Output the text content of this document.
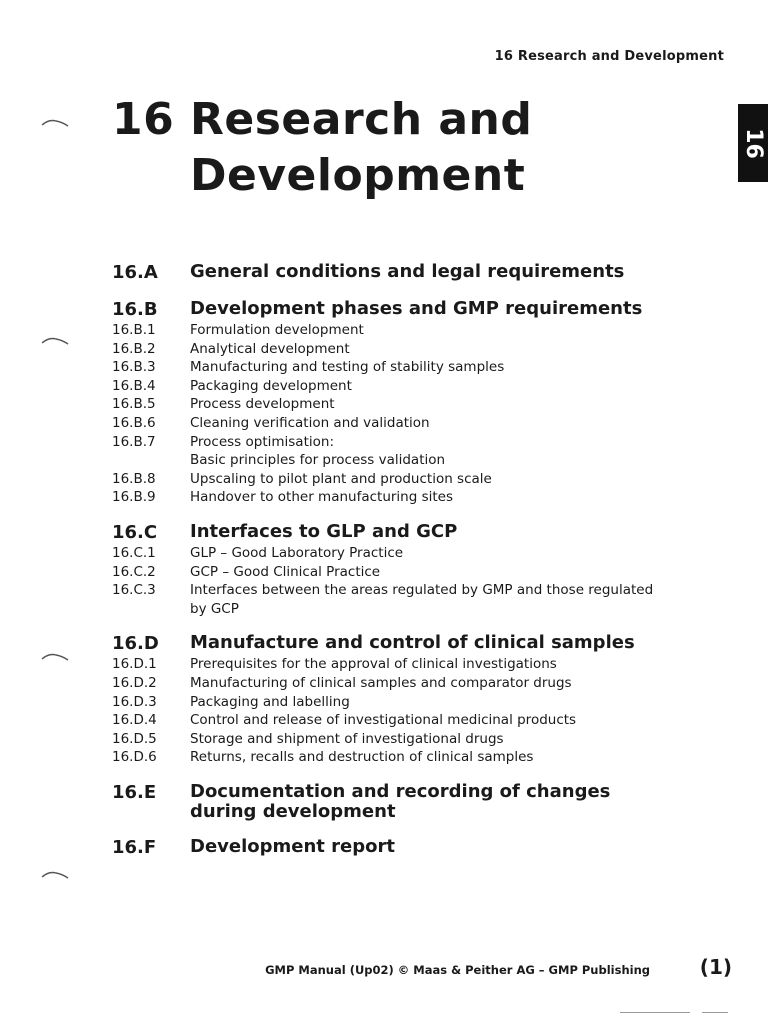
16 Research and Development
16 Research and
Development
16
16.A	General conditions and legal requirements
16.B	Development phases and GMP requirements
16.B.1	Formulation development
16.B.2	Analytical development
16.B.3	Manufacturing and testing of stability samples
16.B.4	Packaging development
16.B.5	Process development
16.B.6	Cleaning verification and validation
16.B.7	Process optimisation:
Basic principles for process validation
16.B.8	Upscaling to pilot plant and production scale
16.B.9	Handover to other manufacturing sites
16.C	Interfaces to GLP and GCP
16.C.1	GLP – Good Laboratory Practice
16.C.2	GCP – Good Clinical Practice
16.C.3	Interfaces between the areas regulated by GMP and those regulated by GCP
16.D	Manufacture and control of clinical samples
16.D.1	Prerequisites for the approval of clinical investigations
16.D.2	Manufacturing of clinical samples and comparator drugs
16.D.3	Packaging and labelling
16.D.4	Control and release of investigational medicinal products
16.D.5	Storage and shipment of investigational drugs
16.D.6	Returns, recalls and destruction of clinical samples
16.E	Documentation and recording of changes during development
16.F	Development report
GMP Manual (Up02) © Maas & Peither AG – GMP Publishing (1)
